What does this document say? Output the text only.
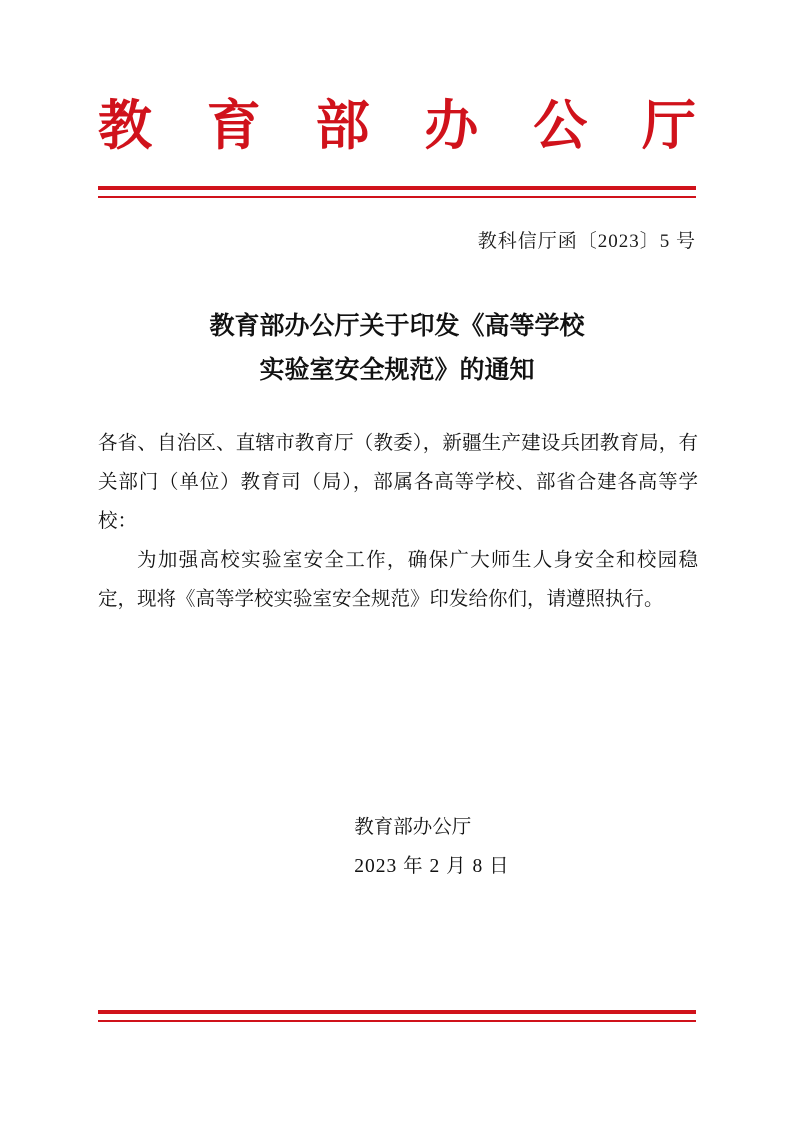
教 育 部 办 公 厅
教科信厅函〔2023〕5 号
教育部办公厅关于印发《高等学校
实验室安全规范》的通知

各省、自治区、直辖市教育厅（教委），新疆生产建设兵团教育局，有关部门（单位）教育司（局），部属各高等学校、部省合建各高等学校：

为加强高校实验室安全工作，确保广大师生人身安全和校园稳定，现将《高等学校实验室安全规范》印发给你们，请遵照执行。

教育部办公厅
2023 年 2 月 8 日
